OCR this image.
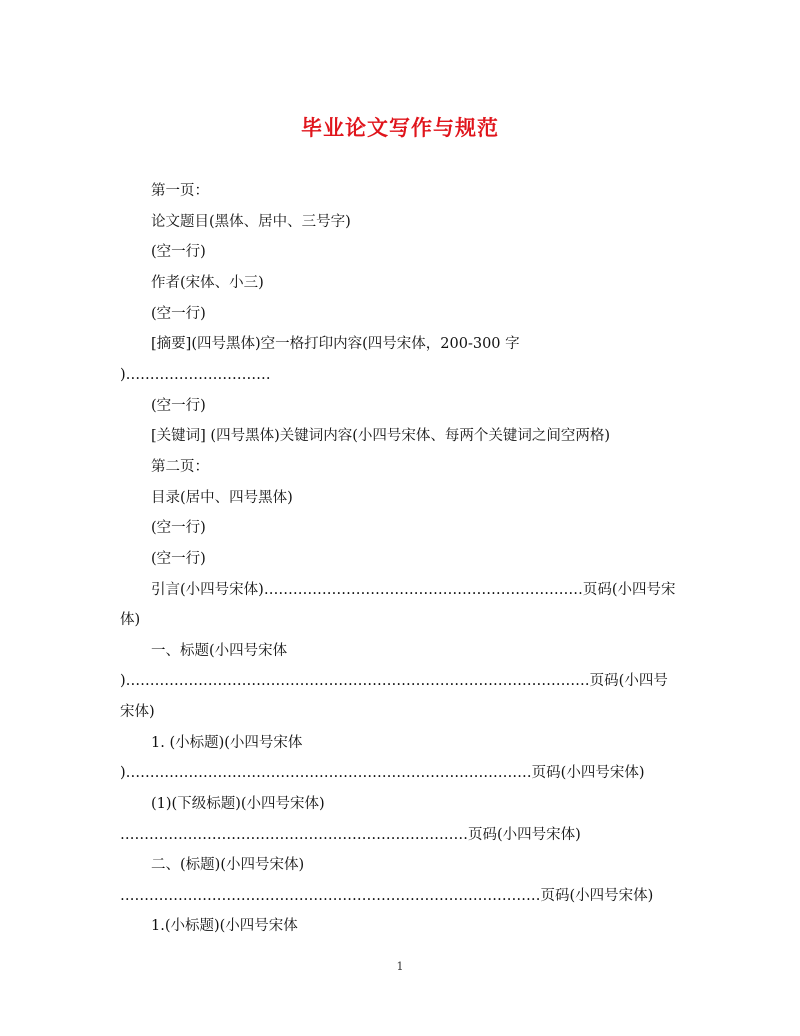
毕业论文写作与规范
第一页：
论文题目(黑体、居中、三号字)
(空一行)
作者(宋体、小三)
(空一行)
[摘要](四号黑体)空一格打印内容(四号宋体，200-300 字
)…………………………
(空一行)
[关键词] (四号黑体)关键词内容(小四号宋体、每两个关键词之间空两格)
第二页：
目录(居中、四号黑体)
(空一行)
(空一行)
引言(小四号宋体)…………………………………………………………页码(小四号宋
体)
一、标题(小四号宋体
)……………………………………………………………………………………页码(小四号
宋体)
1. (小标题)(小四号宋体
)…………………………………………………………………………页码(小四号宋体)
(1)(下级标题)(小四号宋体)
………………………………………………………………页码(小四号宋体)
二、(标题)(小四号宋体)
……………………………………………………………………………页码(小四号宋体)
1.(小标题)(小四号宋体
1
